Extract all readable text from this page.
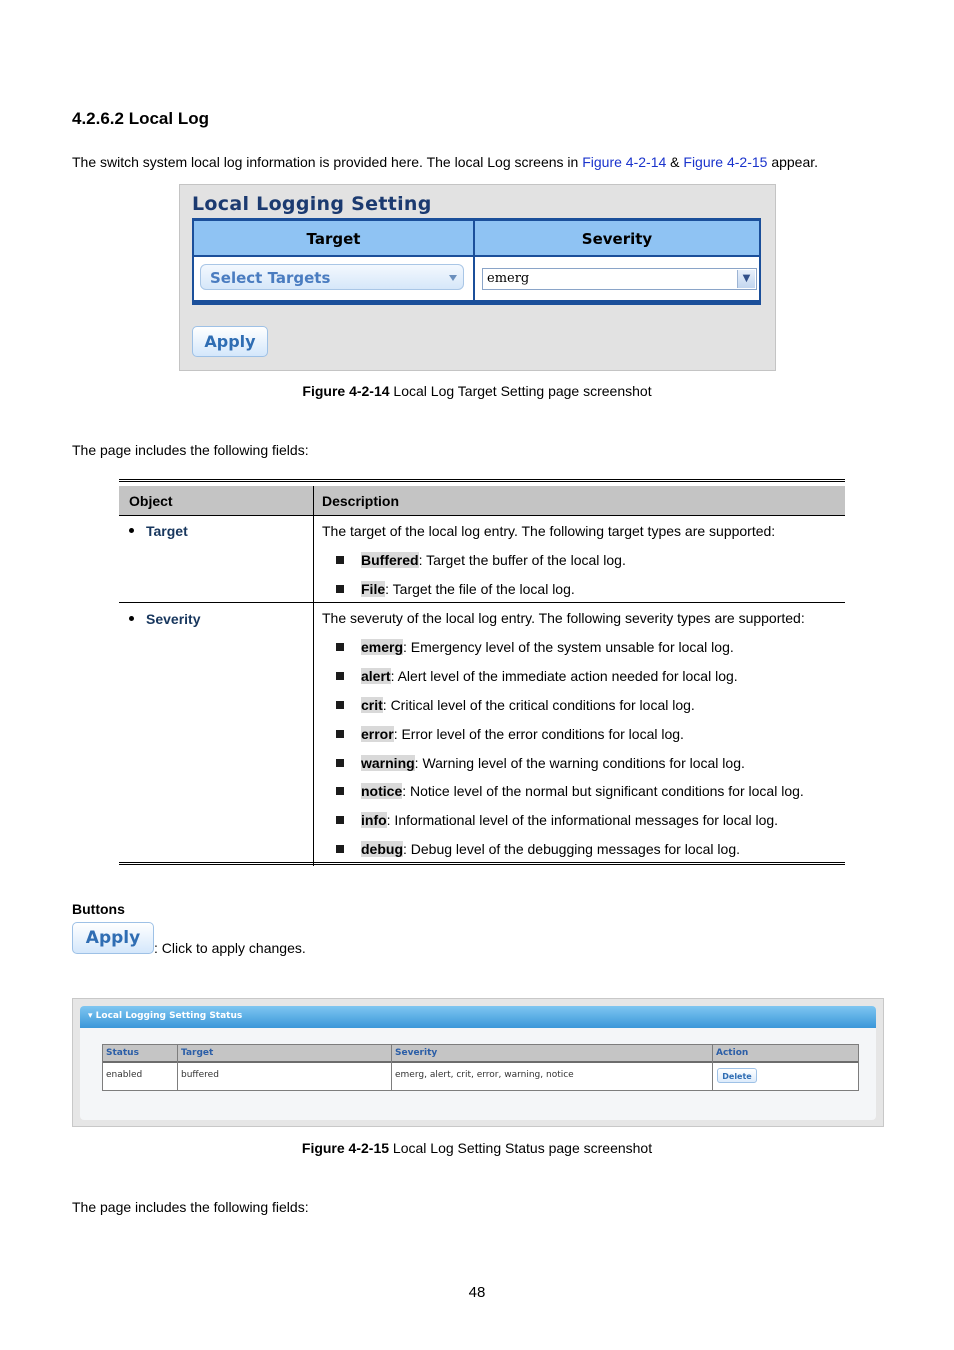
4.2.6.2 Local Log
The switch system local log information is provided here. The local Log screens in Figure 4-2-14 & Figure 4-2-15 appear.
Local Logging Setting
Target	Severity
Select Targets	emerg	▼
Apply
Figure 4-2-14 Local Log Target Setting page screenshot
The page includes the following fields:
Object	Description
Target	The target of the local log entry. The following target types are supported:
Buffered: Target the buffer of the local log.
File: Target the file of the local log.
Severity	The severuty of the local log entry. The following severity types are supported:
emerg: Emergency level of the system unsable for local log.
alert: Alert level of the immediate action needed for local log.
crit: Critical level of the critical conditions for local log.
error: Error level of the error conditions for local log.
warning: Warning level of the warning conditions for local log.
notice: Notice level of the normal but significant conditions for local log.
info: Informational level of the informational messages for local log.
debug: Debug level of the debugging messages for local log.
Buttons
Apply : Click to apply changes.
▾ Local Logging Setting Status
Status	Target	Severity	Action
enabled	buffered	emerg, alert, crit, error, warning, notice	Delete
Figure 4-2-15 Local Log Setting Status page screenshot
The page includes the following fields:
48
